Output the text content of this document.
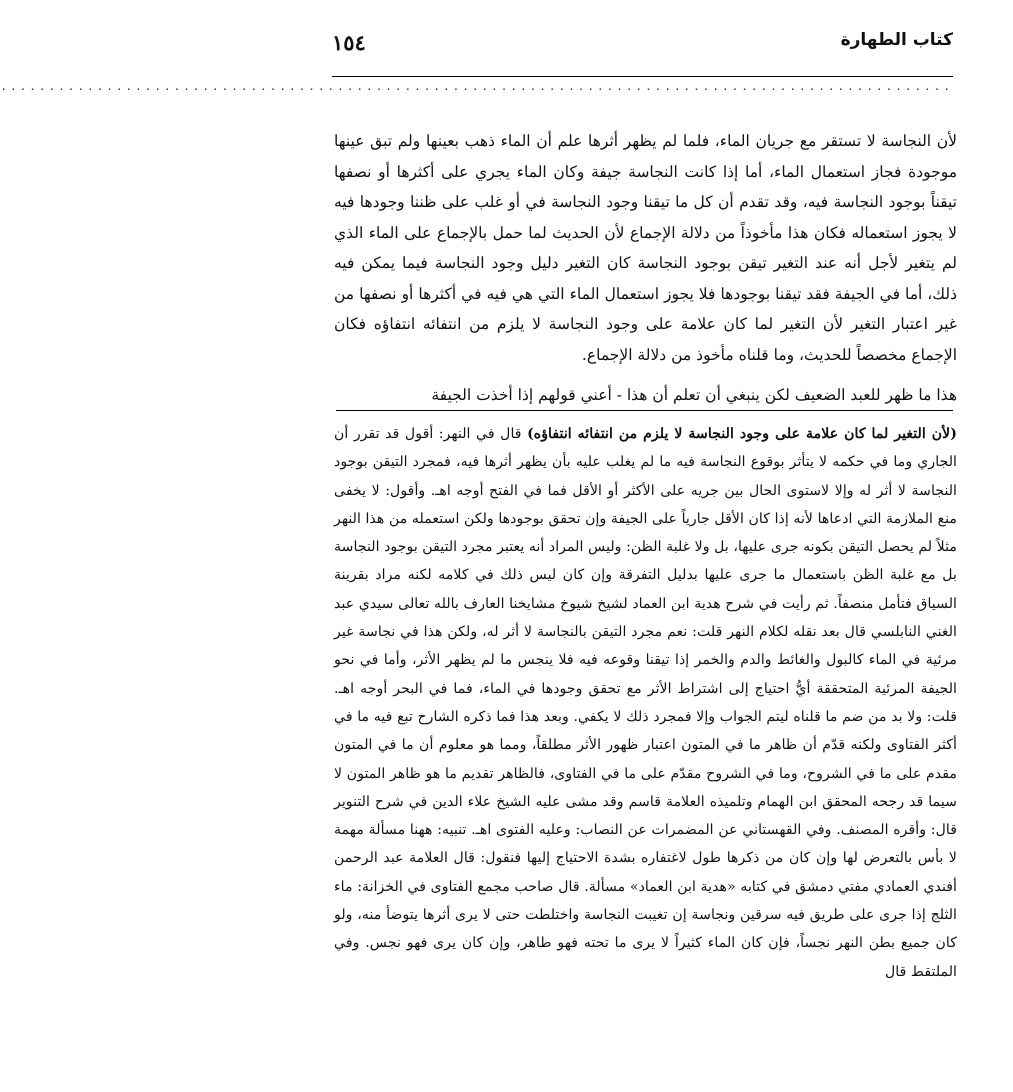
١٥٤	كتاب الطهارة
...................................................................................................

لأن النجاسة لا تستقر مع جريان الماء، فلما لم يظهر أثرها علم أن الماء ذهب بعينها ولم تبق عينها موجودة فجاز استعمال الماء، أما إذا كانت النجاسة جيفة وكان الماء يجري على أكثرها أو نصفها تيقناً بوجود النجاسة فيه، وقد تقدم أن كل ما تيقنا وجود النجاسة في أو غلب على ظننا وجودها فيه لا يجوز استعماله فكان هذا مأخوذاً من دلالة الإجماع لأن الحديث لما حمل بالإجماع على الماء الذي لم يتغير لأجل أنه عند التغير تيقن بوجود النجاسة كان التغير دليل وجود النجاسة فيما يمكن فيه ذلك، أما في الجيفة فقد تيقنا بوجودها فلا يجوز استعمال الماء التي هي فيه في أكثرها أو نصفها من غير اعتبار التغير لأن التغير لما كان علامة على وجود النجاسة لا يلزم من انتفائه انتفاؤه فكان الإجماع مخصصاً للحديث، وما قلناه مأخوذ من دلالة الإجماع.

هذا ما ظهر للعبد الضعيف لكن ينبغي أن تعلم أن هذا - أعني قولهم إذا أخذت الجيفة

(لأن التغير لما كان علامة على وجود النجاسة لا يلزم من انتفائه انتفاؤه) قال في النهر: أقول قد تقرر أن الجاري وما في حكمه لا يتأثر بوقوع النجاسة فيه ما لم يغلب عليه بأن يظهر أثرها فيه، فمجرد التيقن بوجود النجاسة لا أثر له وإلا لاستوى الحال بين جريه على الأكثر أو الأقل فما في الفتح أوجه اهـ. وأقول: لا يخفى منع الملازمة التي ادعاها لأنه إذا كان الأقل جارياً على الجيفة وإن تحقق بوجودها ولكن استعمله من هذا النهر مثلاً لم يحصل التيقن بكونه جرى عليها، بل ولا غلبة الظن: وليس المراد أنه يعتبر مجرد التيقن بوجود النجاسة بل مع غلبة الظن باستعمال ما جرى عليها بدليل التفرقة وإن كان ليس ذلك في كلامه لكنه مراد بقرينة السياق فتأمل منصفاً. ثم رأيت في شرح هدية ابن العماد لشيخ شيوخ مشايخنا العارف بالله تعالى سيدي عبد الغني النابلسي قال بعد نقله لكلام النهر قلت: نعم مجرد التيقن بالنجاسة لا أثر له، ولكن هذا في نجاسة غير مرئية في الماء كالبول والغائط والدم والخمر إذا تيقنا وقوعه فيه فلا ينجس ما لم يظهر الأثر، وأما في نحو الجيفة المرئية المتحققة أيُّ احتياج إلى اشتراط الأثر مع تحقق وجودها في الماء، فما في البحر أوجه اهـ. قلت: ولا بد من ضم ما قلناه ليتم الجواب وإلا فمجرد ذلك لا يكفي. وبعد هذا فما ذكره الشارح تبع فيه ما في أكثر الفتاوى ولكنه قدّم أن ظاهر ما في المتون اعتبار ظهور الأثر مطلقاً، ومما هو معلوم أن ما في المتون مقدم على ما في الشروح، وما في الشروح مقدّم على ما في الفتاوى، فالظاهر تقديم ما هو ظاهر المتون لا سيما قد رجحه المحقق ابن الهمام وتلميذه العلامة قاسم وقد مشى عليه الشيخ علاء الدين في شرح التنوير قال: وأقره المصنف. وفي القهستاني عن المضمرات عن النصاب: وعليه الفتوى اهـ. تنبيه: ههنا مسألة مهمة لا بأس بالتعرض لها وإن كان من ذكرها طول لاغتفاره بشدة الاحتياج إليها فنقول: قال العلامة عبد الرحمن أفندي العمادي مفتي دمشق في كتابه «هدية ابن العماد» مسألة. قال صاحب مجمع الفتاوى في الخزانة: ماء الثلج إذا جرى على طريق فيه سرقين ونجاسة إن تغيبت النجاسة واختلطت حتى لا يرى أثرها يتوضأ منه، ولو كان جميع بطن النهر نجساً، فإن كان الماء كثيراً لا يرى ما تحته فهو طاهر، وإن كان يرى فهو نجس. وفي الملتقط قال
